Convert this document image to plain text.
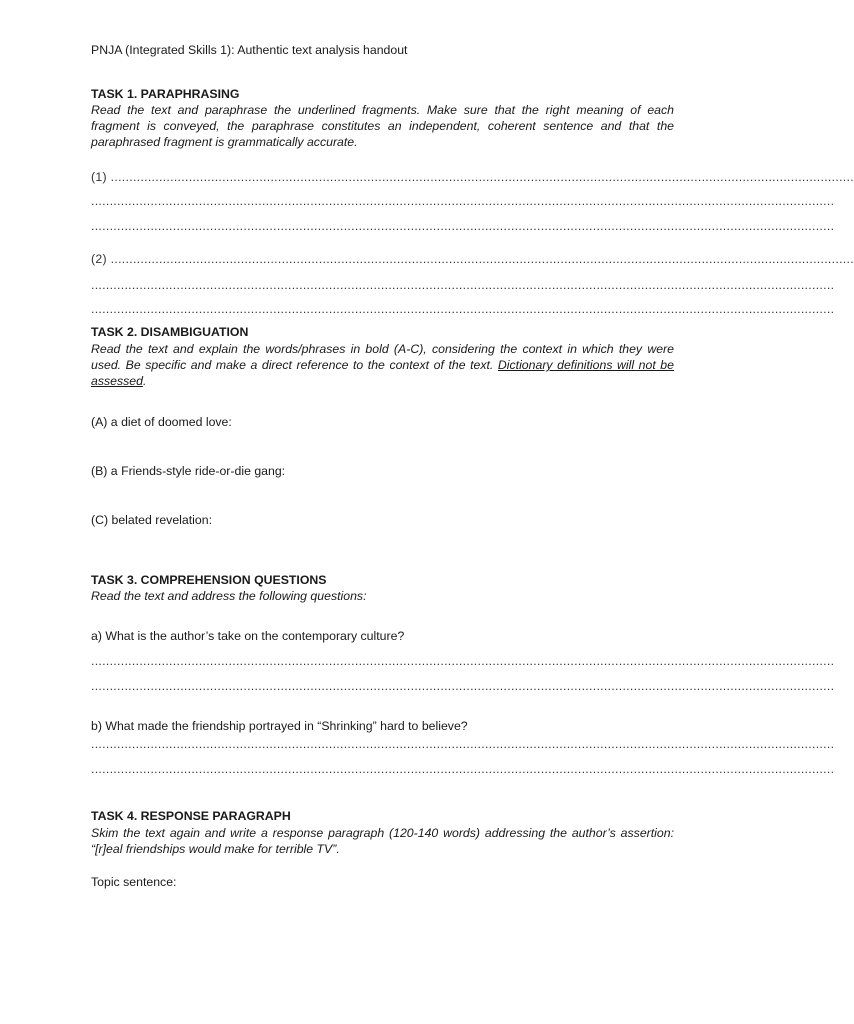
PNJA (Integrated Skills 1): Authentic text analysis handout
TASK 1. PARAPHRASING

Read the text and paraphrase the underlined fragments. Make sure that the right meaning of each fragment is conveyed, the paraphrase constitutes an independent, coherent sentence and that the paraphrased fragment is grammatically accurate.

(1) ........................................................................................................................................................................................................
........................................................................................................................................................................................................
........................................................................................................................................................................................................
(2) ........................................................................................................................................................................................................
........................................................................................................................................................................................................
........................................................................................................................................................................................................
TASK 2. DISAMBIGUATION

Read the text and explain the words/phrases in bold (A-C), considering the context in which they were used. Be specific and make a direct reference to the context of the text. Dictionary definitions will not be assessed.

(A) a diet of doomed love:
(B) a Friends-style ride-or-die gang:
(C) belated revelation:
TASK 3. COMPREHENSION QUESTIONS
Read the text and address the following questions:
a) What is the author’s take on the contemporary culture?
........................................................................................................................................................................................................
........................................................................................................................................................................................................
b) What made the friendship portrayed in “Shrinking” hard to believe?
........................................................................................................................................................................................................
........................................................................................................................................................................................................
TASK 4. RESPONSE PARAGRAPH

Skim the text again and write a response paragraph (120-140 words) addressing the author’s assertion: “[r]eal friendships would make for terrible TV”.

Topic sentence:
